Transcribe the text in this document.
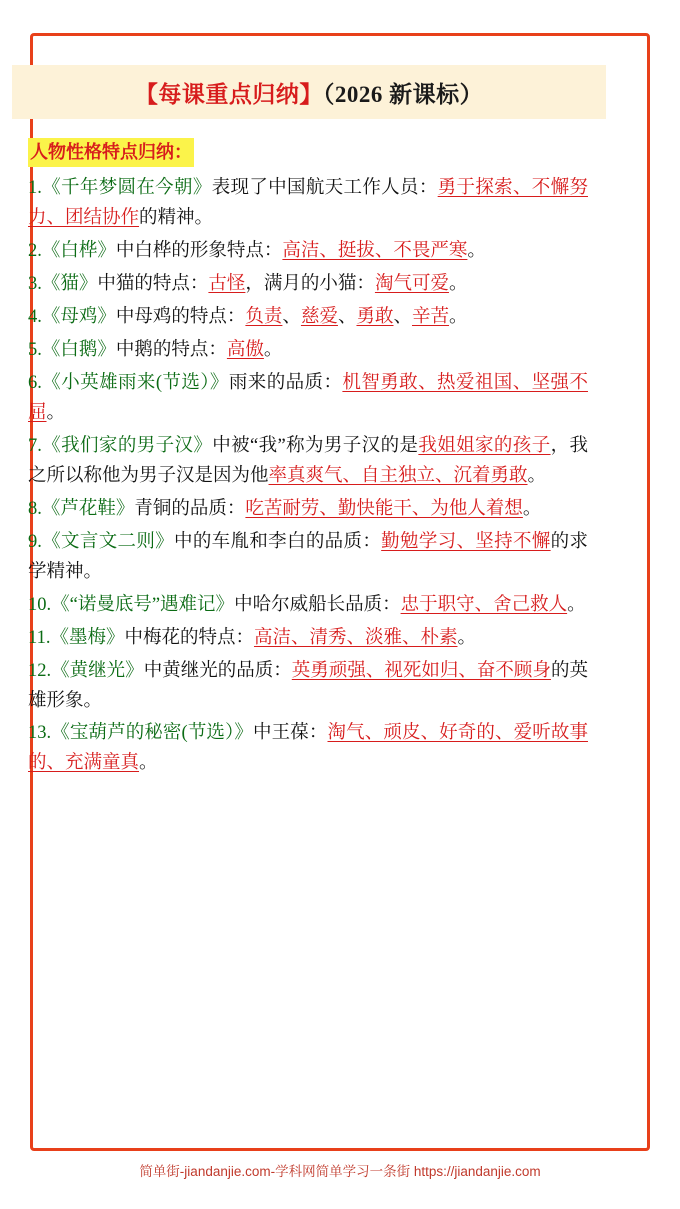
【每课重点归纳】（2026 新课标）
人物性格特点归纳：
1.《千年梦圆在今朝》表现了中国航天工作人员：勇于探索、不懈努力、团结协作的精神。
2.《白桦》中白桦的形象特点：高洁、挺拔、不畏严寒。
3.《猫》中猫的特点：古怪，满月的小猫：淘气可爱。
4.《母鸡》中母鸡的特点：负责、慈爱、勇敢、辛苦。
5.《白鹅》中鹅的特点：高傲。
6.《小英雄雨来(节选）》雨来的品质：机智勇敢、热爱祖国、坚强不屈。
7.《我们家的男子汉》中被“我”称为男子汉的是我姐姐家的孩子，我之所以称他为男子汉是因为他率真爽气、自主独立、沉着勇敢。
8.《芦花鞋》青铜的品质：吃苦耐劳、勤快能干、为他人着想。
9.《文言文二则》中的车胤和李白的品质：勤勉学习、坚持不懈的求学精神。
10.《“诺曼底号”遇难记》中哈尔威船长品质：忠于职守、舍己救人。
11.《墨梅》中梅花的特点：高洁、清秀、淡雅、朴素。
12.《黄继光》中黄继光的品质：英勇顽强、视死如归、奋不顾身的英雄形象。
13.《宝葫芦的秘密(节选）》中王葆：淘气、顽皮、好奇的、爱听故事的、充满童真。
简单街-jiandanjie.com-学科网简单学习一条街 https://jiandanjie.com
